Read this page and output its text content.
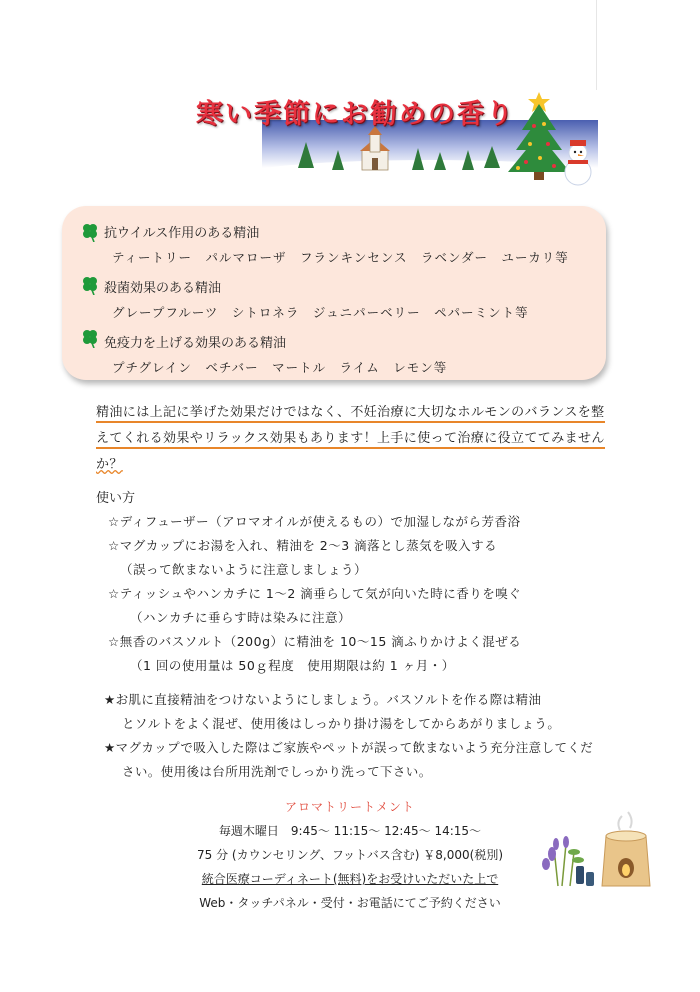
寒い季節にお勧めの香り
抗ウイルス作用のある精油
ティートリー　パルマローザ　フランキンセンス　ラベンダー　ユーカリ等
殺菌効果のある精油
グレープフルーツ　シトロネラ　ジュニパーベリー　ペパーミント等
免疫力を上げる効果のある精油
プチグレイン　ベチバー　マートル　ライム　レモン等
精油には上記に挙げた効果だけではなく、不妊治療に大切なホルモンのバランスを整
えてくれる効果やリラックス効果もあります！上手に使って治療に役立ててみません
か？
使い方
☆ディフューザー（アロマオイルが使えるもの）で加湿しながら芳香浴
☆マグカップにお湯を入れ、精油を 2〜3 滴落とし蒸気を吸入する
（誤って飲まないように注意しましょう）
☆ティッシュやハンカチに 1〜2 滴垂らして気が向いた時に香りを嗅ぐ
（ハンカチに垂らす時は染みに注意）
☆無香のバスソルト（200g）に精油を 10〜15 滴ふりかけよく混ぜる
（1 回の使用量は 50ｇ程度　使用期限は約 1 ヶ月・）
★お肌に直接精油をつけないようにしましょう。バスソルトを作る際は精油
とソルトをよく混ぜ、使用後はしっかり掛け湯をしてからあがりましょう。
★マグカップで吸入した際はご家族やペットが誤って飲まないよう充分注意してくだ
さい。使用後は台所用洗剤でしっかり洗って下さい。
アロマトリートメント
毎週木曜日　9:45〜 11:15〜 12:45〜 14:15〜
75 分 (カウンセリング、フットバス含む) ￥8,000(税別)
統合医療コーディネート(無料)をお受けいただいた上で
Web・タッチパネル・受付・お電話にてご予約ください
